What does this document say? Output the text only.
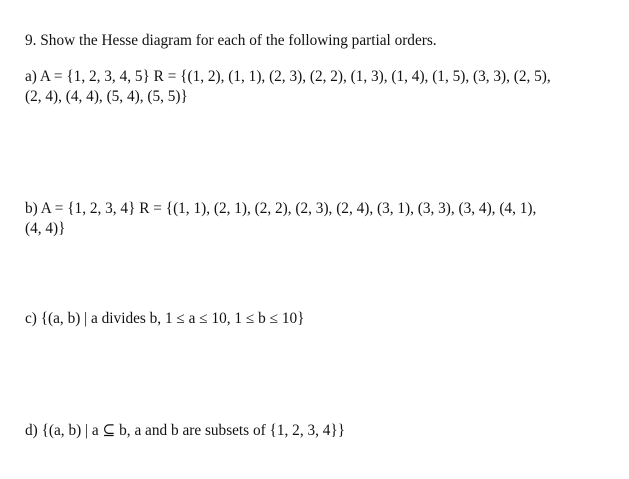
9. Show the Hesse diagram for each of the following partial orders.

a) A = {1, 2, 3, 4, 5} R = {(1, 2), (1, 1), (2, 3), (2, 2), (1, 3), (1, 4), (1, 5), (3, 3), (2, 5),

(2, 4), (4, 4), (5, 4), (5, 5)}

b) A = {1, 2, 3, 4} R = {(1, 1), (2, 1), (2, 2), (2, 3), (2, 4), (3, 1), (3, 3), (3, 4), (4, 1),

(4, 4)}

c) {(a, b) | a divides b, 1 ≤ a ≤ 10, 1 ≤ b ≤ 10}

d) {(a, b) | a ⊆ b, a and b are subsets of {1, 2, 3, 4}}
